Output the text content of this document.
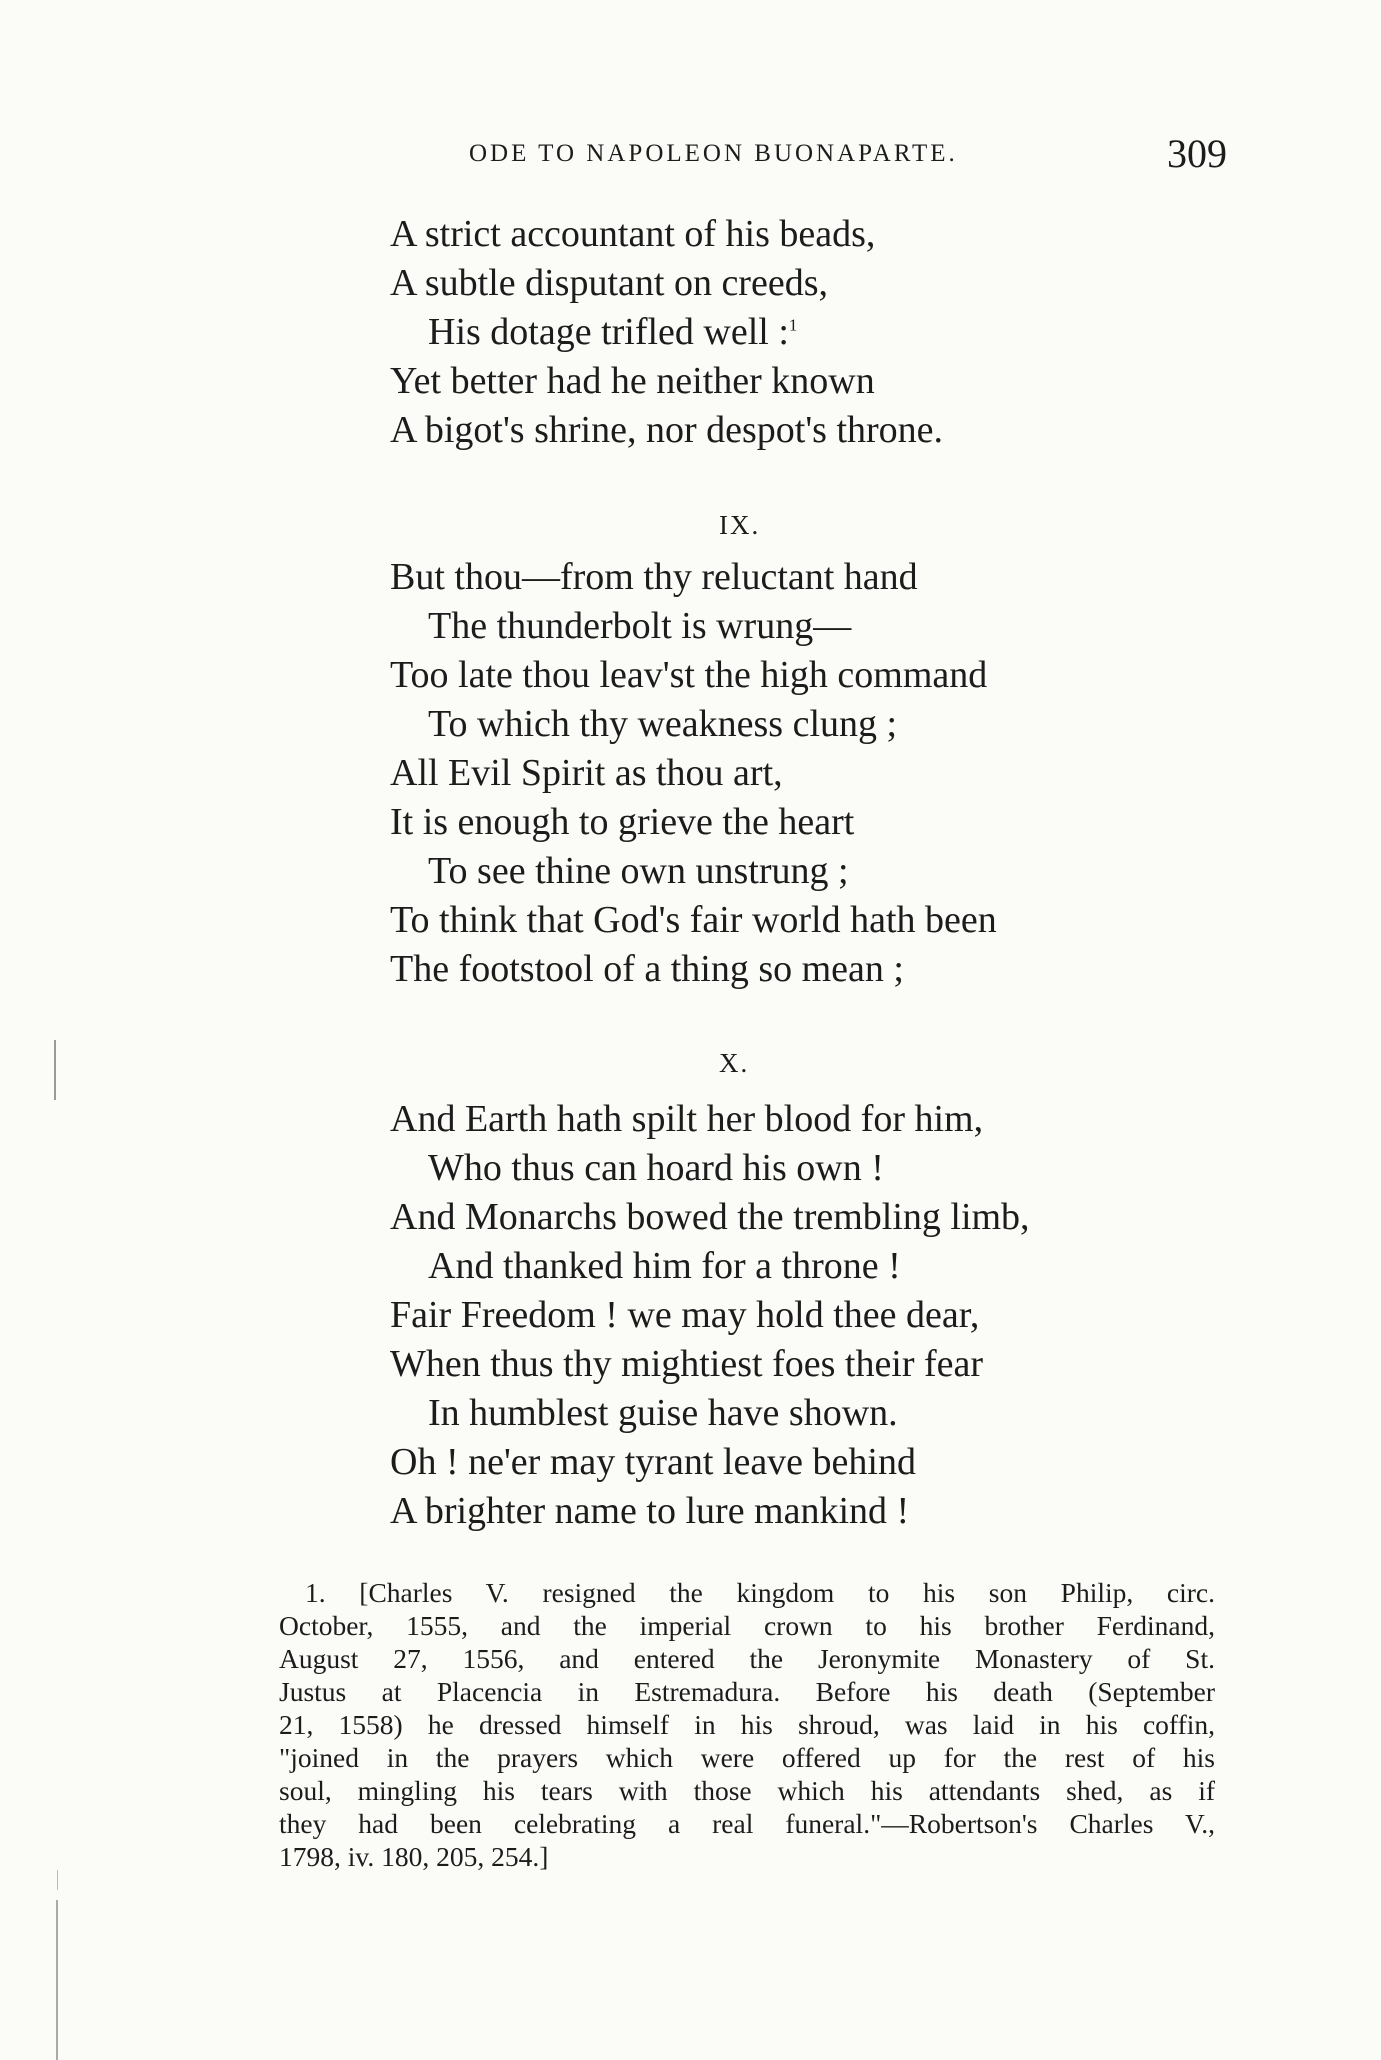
ODE TO NAPOLEON BUONAPARTE.	309
A strict accountant of his beads,
A subtle disputant on creeds,
His dotage trifled well :$^1$
Yet better had he neither known
A bigot's shrine, nor despot's throne.
IX.
But thou—from thy reluctant hand
The thunderbolt is wrung—
Too late thou leav'st the high command
To which thy weakness clung ;
All Evil Spirit as thou art,
It is enough to grieve the heart
To see thine own unstrung ;
To think that God's fair world hath been
The footstool of a thing so mean ;
X.
And Earth hath spilt her blood for him,
Who thus can hoard his own !
And Monarchs bowed the trembling limb,
And thanked him for a throne !
Fair Freedom ! we may hold thee dear,
When thus thy mightiest foes their fear
In humblest guise have shown.
Oh ! ne'er may tyrant leave behind
A brighter name to lure mankind !
1. [Charles V. resigned the kingdom to his son Philip, circ.
October, 1555, and the imperial crown to his brother Ferdinand,
August 27, 1556, and entered the Jeronymite Monastery of St.
Justus at Placencia in Estremadura. Before his death (September
21, 1558) he dressed himself in his shroud, was laid in his coffin,
"joined in the prayers which were offered up for the rest of his
soul, mingling his tears with those which his attendants shed, as if
they had been celebrating a real funeral."—Robertson's Charles V.,
1798, iv. 180, 205, 254.]
